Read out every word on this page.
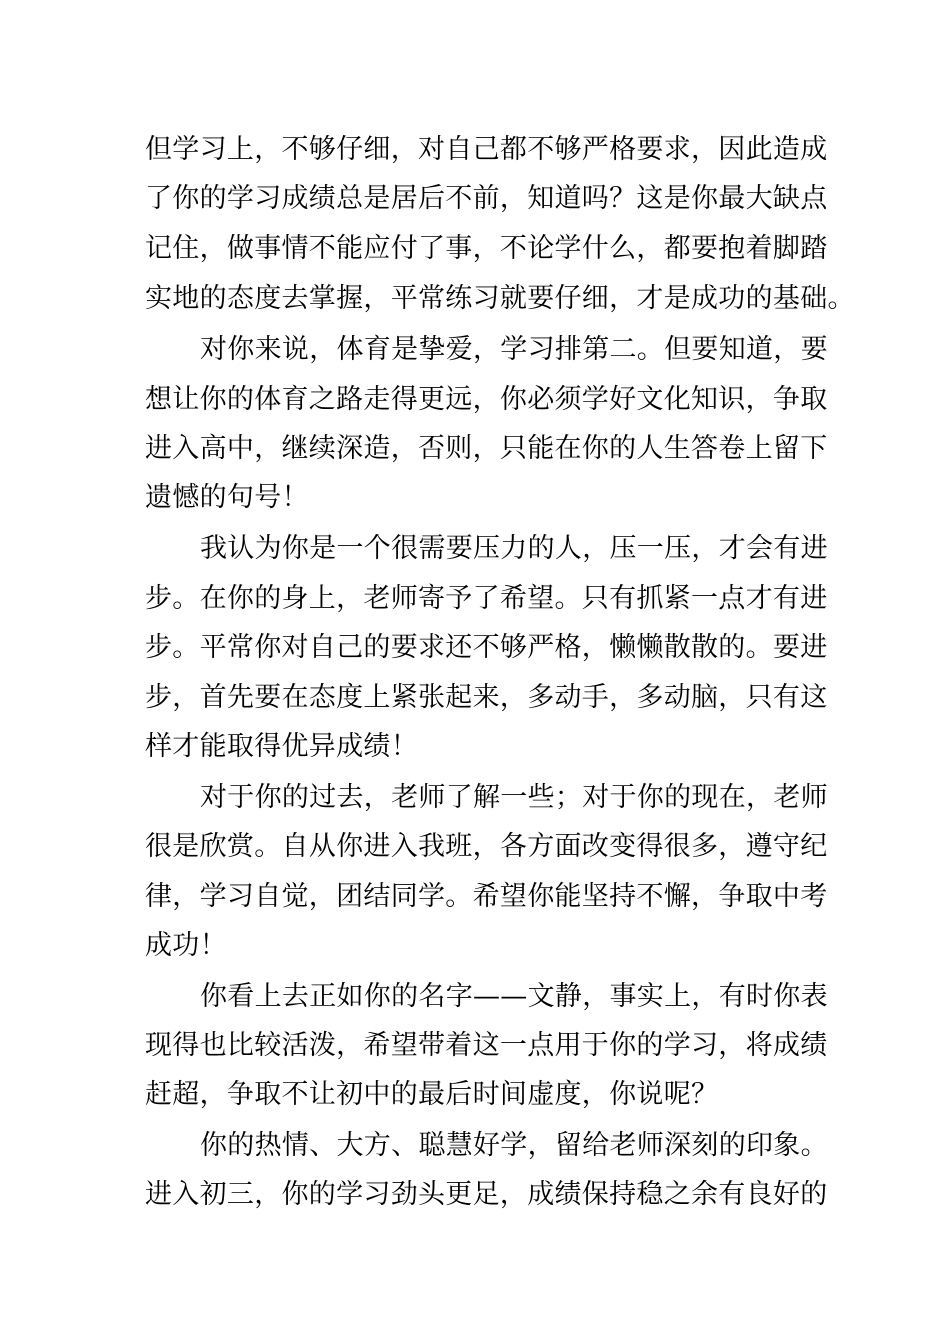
但学习上，不够仔细，对自己都不够严格要求，因此造成
了你的学习成绩总是居后不前，知道吗？这是你最大缺点
记住，做事情不能应付了事，不论学什么，都要抱着脚踏
实地的态度去掌握，平常练习就要仔细，才是成功的基础。
对你来说，体育是挚爱，学习排第二。但要知道，要
想让你的体育之路走得更远，你必须学好文化知识，争取
进入高中，继续深造，否则，只能在你的人生答卷上留下
遗憾的句号！
我认为你是一个很需要压力的人，压一压，才会有进
步。在你的身上，老师寄予了希望。只有抓紧一点才有进
步。平常你对自己的要求还不够严格，懒懒散散的。要进
步，首先要在态度上紧张起来，多动手，多动脑，只有这
样才能取得优异成绩！
对于你的过去，老师了解一些；对于你的现在，老师
很是欣赏。自从你进入我班，各方面改变得很多，遵守纪
律，学习自觉，团结同学。希望你能坚持不懈，争取中考
成功！
你看上去正如你的名字——文静，事实上，有时你表
现得也比较活泼，希望带着这一点用于你的学习，将成绩
赶超，争取不让初中的最后时间虚度，你说呢？
你的热情、大方、聪慧好学，留给老师深刻的印象。
进入初三，你的学习劲头更足，成绩保持稳之余有良好的
